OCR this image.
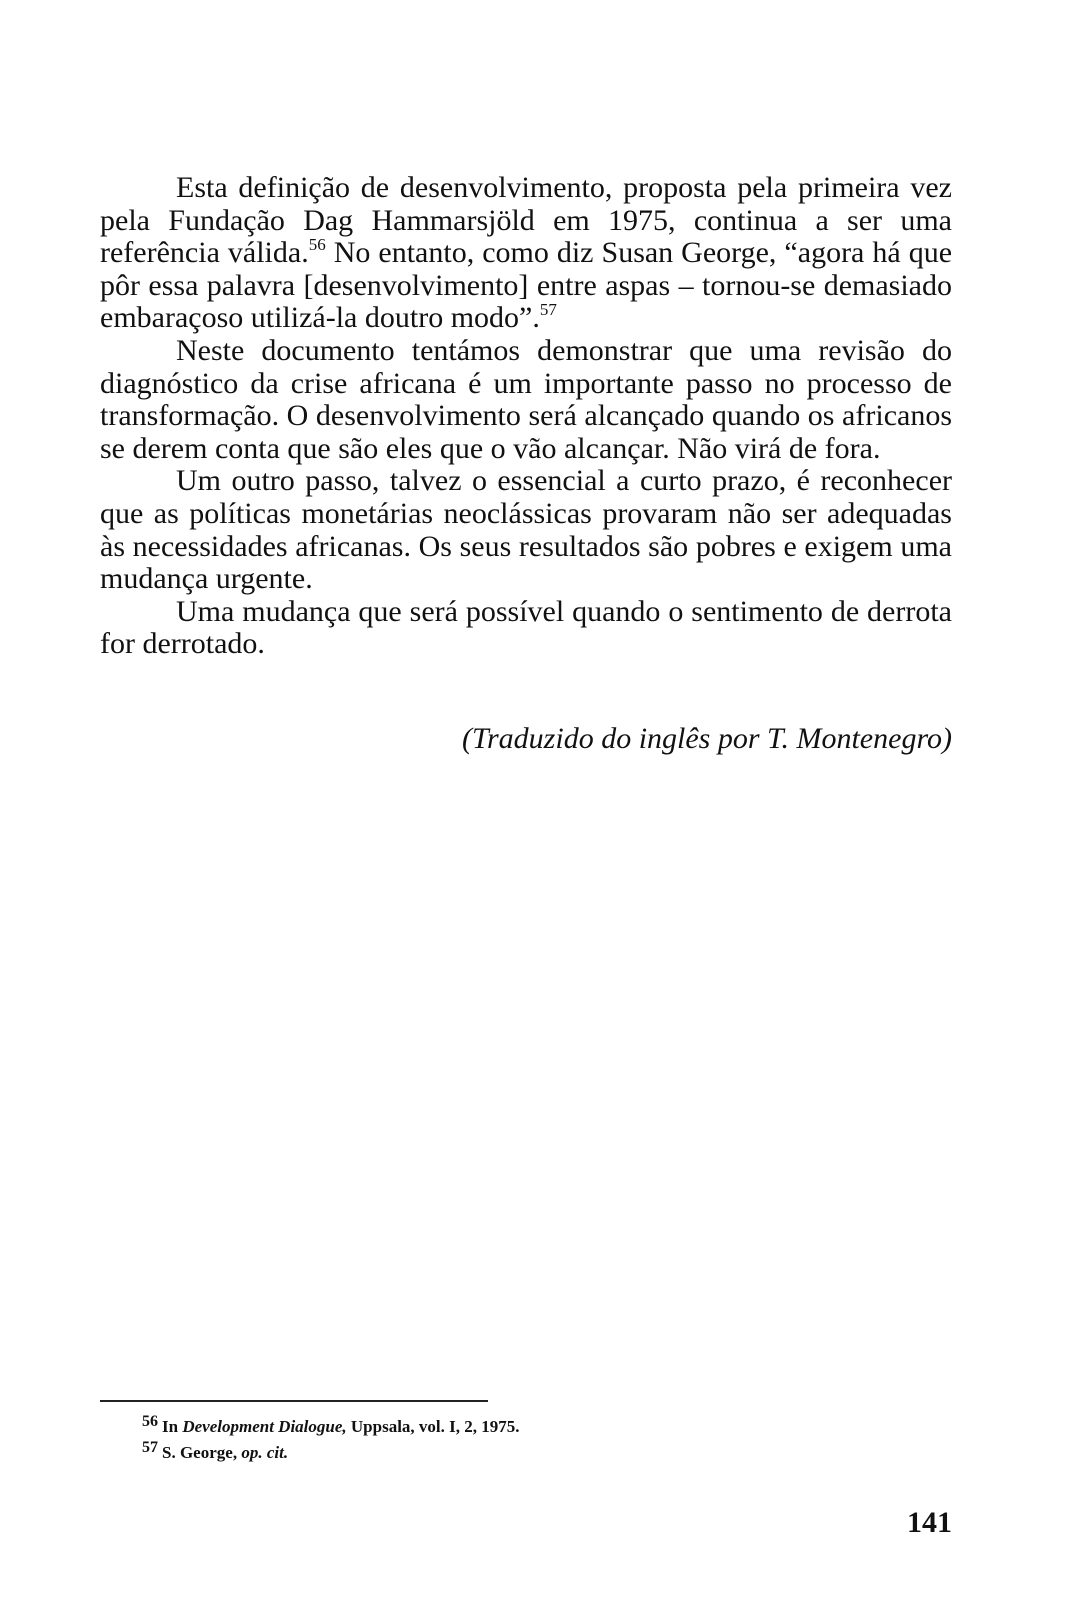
Esta definição de desenvolvimento, proposta pela primeira vez pela Fundação Dag Hammarsjöld em 1975, continua a ser uma referência válida.$^{56}$ No entanto, como diz Susan George, “agora há que pôr essa palavra [desenvolvimento] entre aspas – tornou-se demasiado embaraçoso utilizá-la doutro modo”.$^{57}$

Neste documento tentámos demonstrar que uma revisão do diagnóstico da crise africana é um importante passo no processo de transformação. O desenvolvimento será alcançado quando os africanos se derem conta que são eles que o vão alcançar. Não virá de fora.

Um outro passo, talvez o essencial a curto prazo, é reconhecer que as políticas monetárias neoclássicas provaram não ser adequadas às necessidades africanas. Os seus resultados são pobres e exigem uma mudança urgente.

Uma mudança que será possível quando o sentimento de derrota for derrotado.

(Traduzido do inglês por T. Montenegro)
$^{56}$ In Development Dialogue, Uppsala, vol. I, 2, 1975.
$^{57}$ S. George, op. cit.
141
